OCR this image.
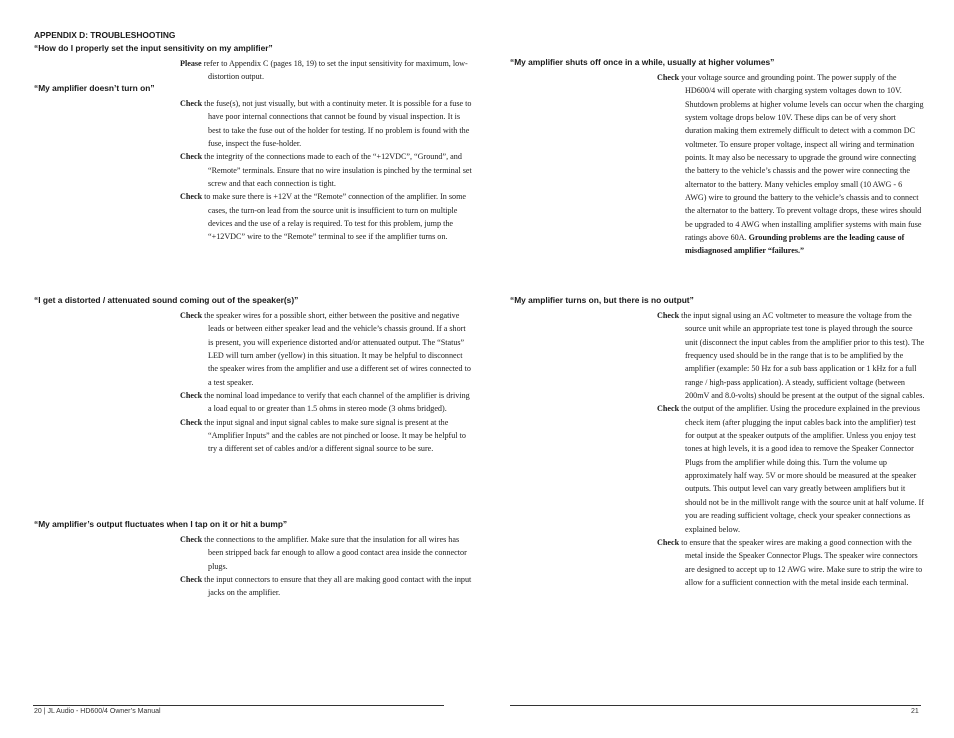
APPENDIX D: TROUBLESHOOTING

“How do I properly set the input sensitivity on my amplifier”

Please refer to Appendix C (pages 18, 19) to set the input sensitivity for maximum, low-distortion output.

“My amplifier doesn’t turn on”

Check the fuse(s), not just visually, but with a continuity meter. It is possible for a fuse to have poor internal connections that cannot be found by visual inspection. It is best to take the fuse out of the holder for testing. If no problem is found with the fuse, inspect the fuse-holder.

Check the integrity of the connections made to each of the “+12VDC”, “Ground”, and “Remote” terminals. Ensure that no wire insulation is pinched by the terminal set screw and that each connection is tight.

Check to make sure there is +12V at the “Remote” connection of the amplifier. In some cases, the turn-on lead from the source unit is insufficient to turn on multiple devices and the use of a relay is required. To test for this problem, jump the “+12VDC” wire to the “Remote” terminal to see if the amplifier turns on.

“I get a distorted / attenuated sound coming out of the speaker(s)”

Check the speaker wires for a possible short, either between the positive and negative leads or between either speaker lead and the vehicle’s chassis ground. If a short is present, you will experience distorted and/or attenuated output. The “Status” LED will turn amber (yellow) in this situation. It may be helpful to disconnect the speaker wires from the amplifier and use a different set of wires connected to a test speaker.

Check the nominal load impedance to verify that each channel of the amplifier is driving a load equal to or greater than 1.5 ohms in stereo mode (3 ohms bridged).

Check the input signal and input signal cables to make sure signal is present at the “Amplifier Inputs” and the cables are not pinched or loose. It may be helpful to try a different set of cables and/or a different signal source to be sure.

“My amplifier’s output fluctuates when I tap on it or hit a bump”

Check the connections to the amplifier. Make sure that the insulation for all wires has been stripped back far enough to allow a good contact area inside the connector plugs.

Check the input connectors to ensure that they all are making good contact with the input jacks on the amplifier.

20 | JL Audio - HD600/4 Owner’s Manual

“My amplifier shuts off once in a while, usually at higher volumes”

Check your voltage source and grounding point. The power supply of the HD600/4 will operate with charging system voltages down to 10V. Shutdown problems at higher volume levels can occur when the charging system voltage drops below 10V. These dips can be of very short duration making them extremely difficult to detect with a common DC voltmeter. To ensure proper voltage, inspect all wiring and termination points. It may also be necessary to upgrade the ground wire connecting the battery to the vehicle’s chassis and the power wire connecting the alternator to the battery. Many vehicles employ small (10 AWG - 6 AWG) wire to ground the battery to the vehicle’s chassis and to connect the alternator to the battery. To prevent voltage drops, these wires should be upgraded to 4 AWG when installing amplifier systems with main fuse ratings above 60A. Grounding problems are the leading cause of misdiagnosed amplifier “failures.”

“My amplifier turns on, but there is no output”

Check the input signal using an AC voltmeter to measure the voltage from the source unit while an appropriate test tone is played through the source unit (disconnect the input cables from the amplifier prior to this test). The frequency used should be in the range that is to be amplified by the amplifier (example: 50 Hz for a sub bass application or 1 kHz for a full range / high-pass application). A steady, sufficient voltage (between 200mV and 8.0-volts) should be present at the output of the signal cables.

Check the output of the amplifier. Using the procedure explained in the previous check item (after plugging the input cables back into the amplifier) test for output at the speaker outputs of the amplifier. Unless you enjoy test tones at high levels, it is a good idea to remove the Speaker Connector Plugs from the amplifier while doing this. Turn the volume up approximately half way. 5V or more should be measured at the speaker outputs. This output level can vary greatly between amplifiers but it should not be in the millivolt range with the source unit at half volume. If you are reading sufficient voltage, check your speaker connections as explained below.

Check to ensure that the speaker wires are making a good connection with the metal inside the Speaker Connector Plugs. The speaker wire connectors are designed to accept up to 12 AWG wire. Make sure to strip the wire to allow for a sufficient connection with the metal inside each terminal.

21
